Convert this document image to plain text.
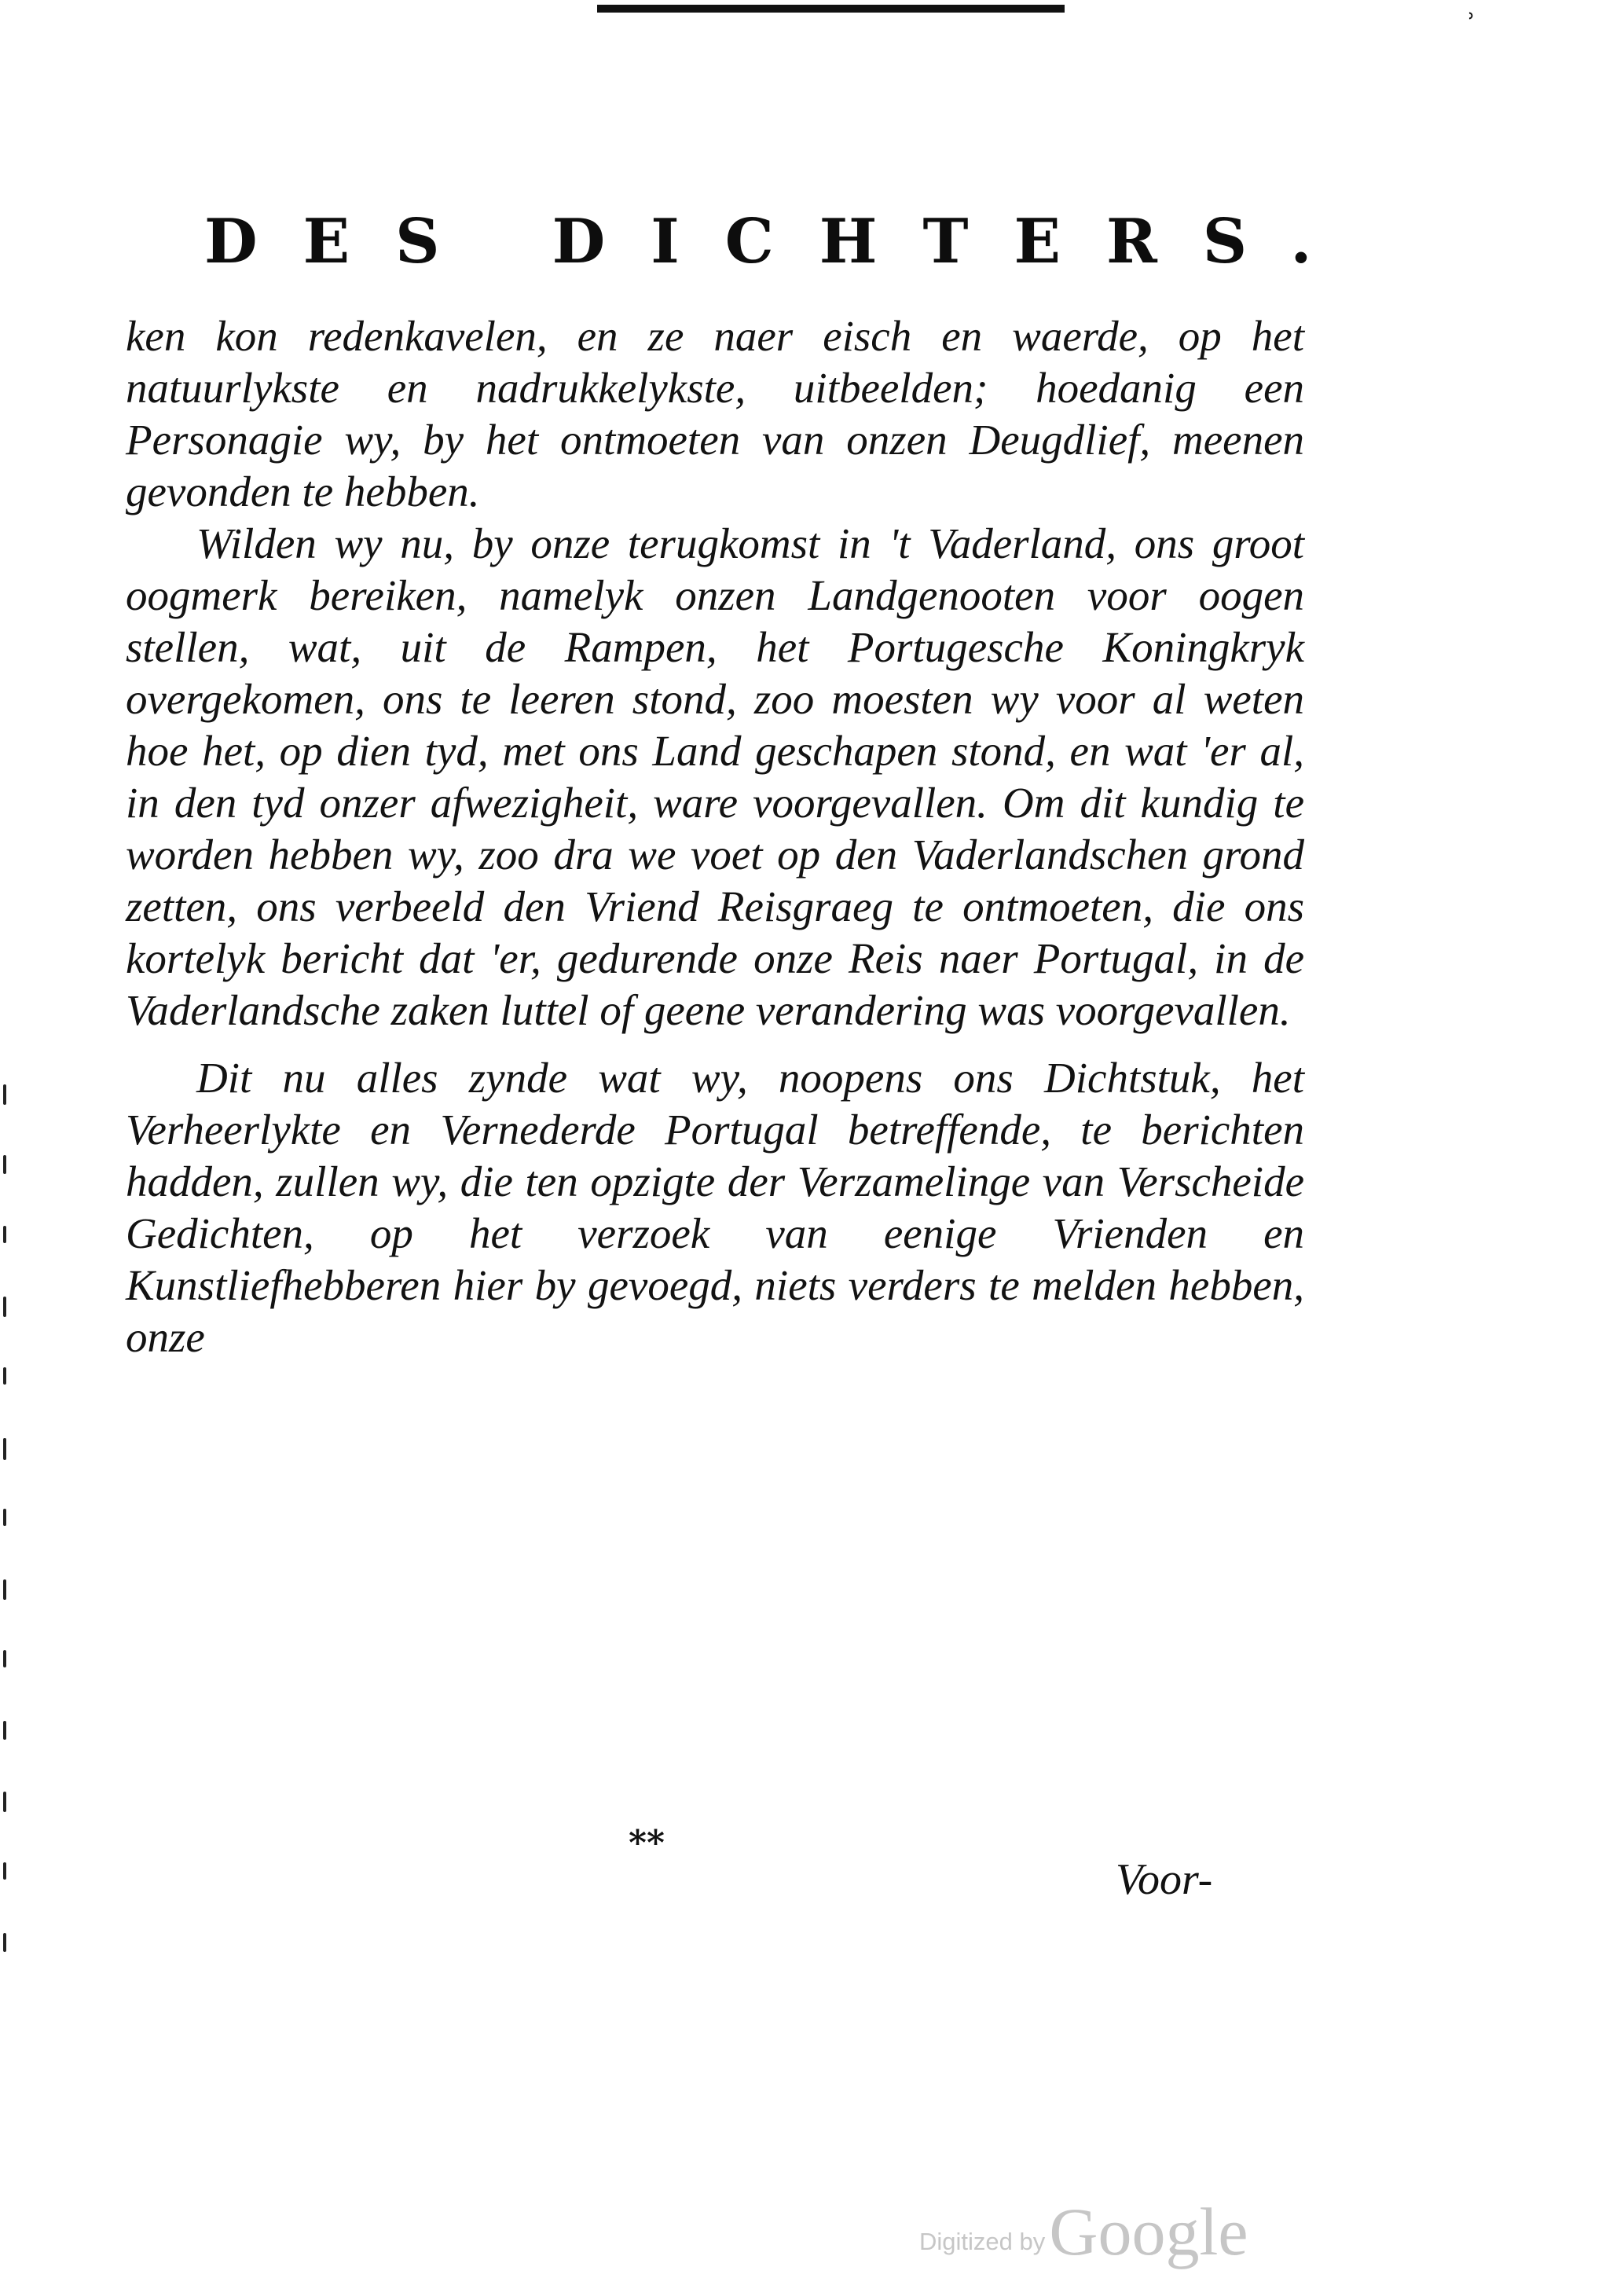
˒
DES DICHTERS.

ken kon redenkavelen, en ze naer eisch en waerde, op het natuurlykste en nadrukkelykste, uitbeelden; hoedanig een Personagie wy, by het ontmoeten van onzen Deugdlief, meenen gevonden te hebben.

Wilden wy nu, by onze terugkomst in 't Vaderland, ons groot oogmerk bereiken, namelyk onzen Landgenooten voor oogen stellen, wat, uit de Rampen, het Portugesche Koningkryk overgekomen, ons te leeren stond, zoo moesten wy voor al weten hoe het, op dien tyd, met ons Land geschapen stond, en wat 'er al, in den tyd onzer afwezigheit, ware voorgevallen. Om dit kundig te worden hebben wy, zoo dra we voet op den Vaderlandschen grond zetten, ons verbeeld den Vriend Reisgraeg te ontmoeten, die ons kortelyk bericht dat 'er, gedurende onze Reis naer Portugal, in de Vaderlandsche zaken luttel of geene verandering was voorgevallen.

Dit nu alles zynde wat wy, noopens ons Dichtstuk, het Verheerlykte en Vernederde Portugal betreffende, te berichten hadden, zullen wy, die ten opzigte der Verzamelinge van Verscheide Gedichten, op het verzoek van eenige Vrienden en Kunstliefhebberen hier by gevoegd, niets verders te melden hebben, onze

**
Voor-
Digitized by Google
